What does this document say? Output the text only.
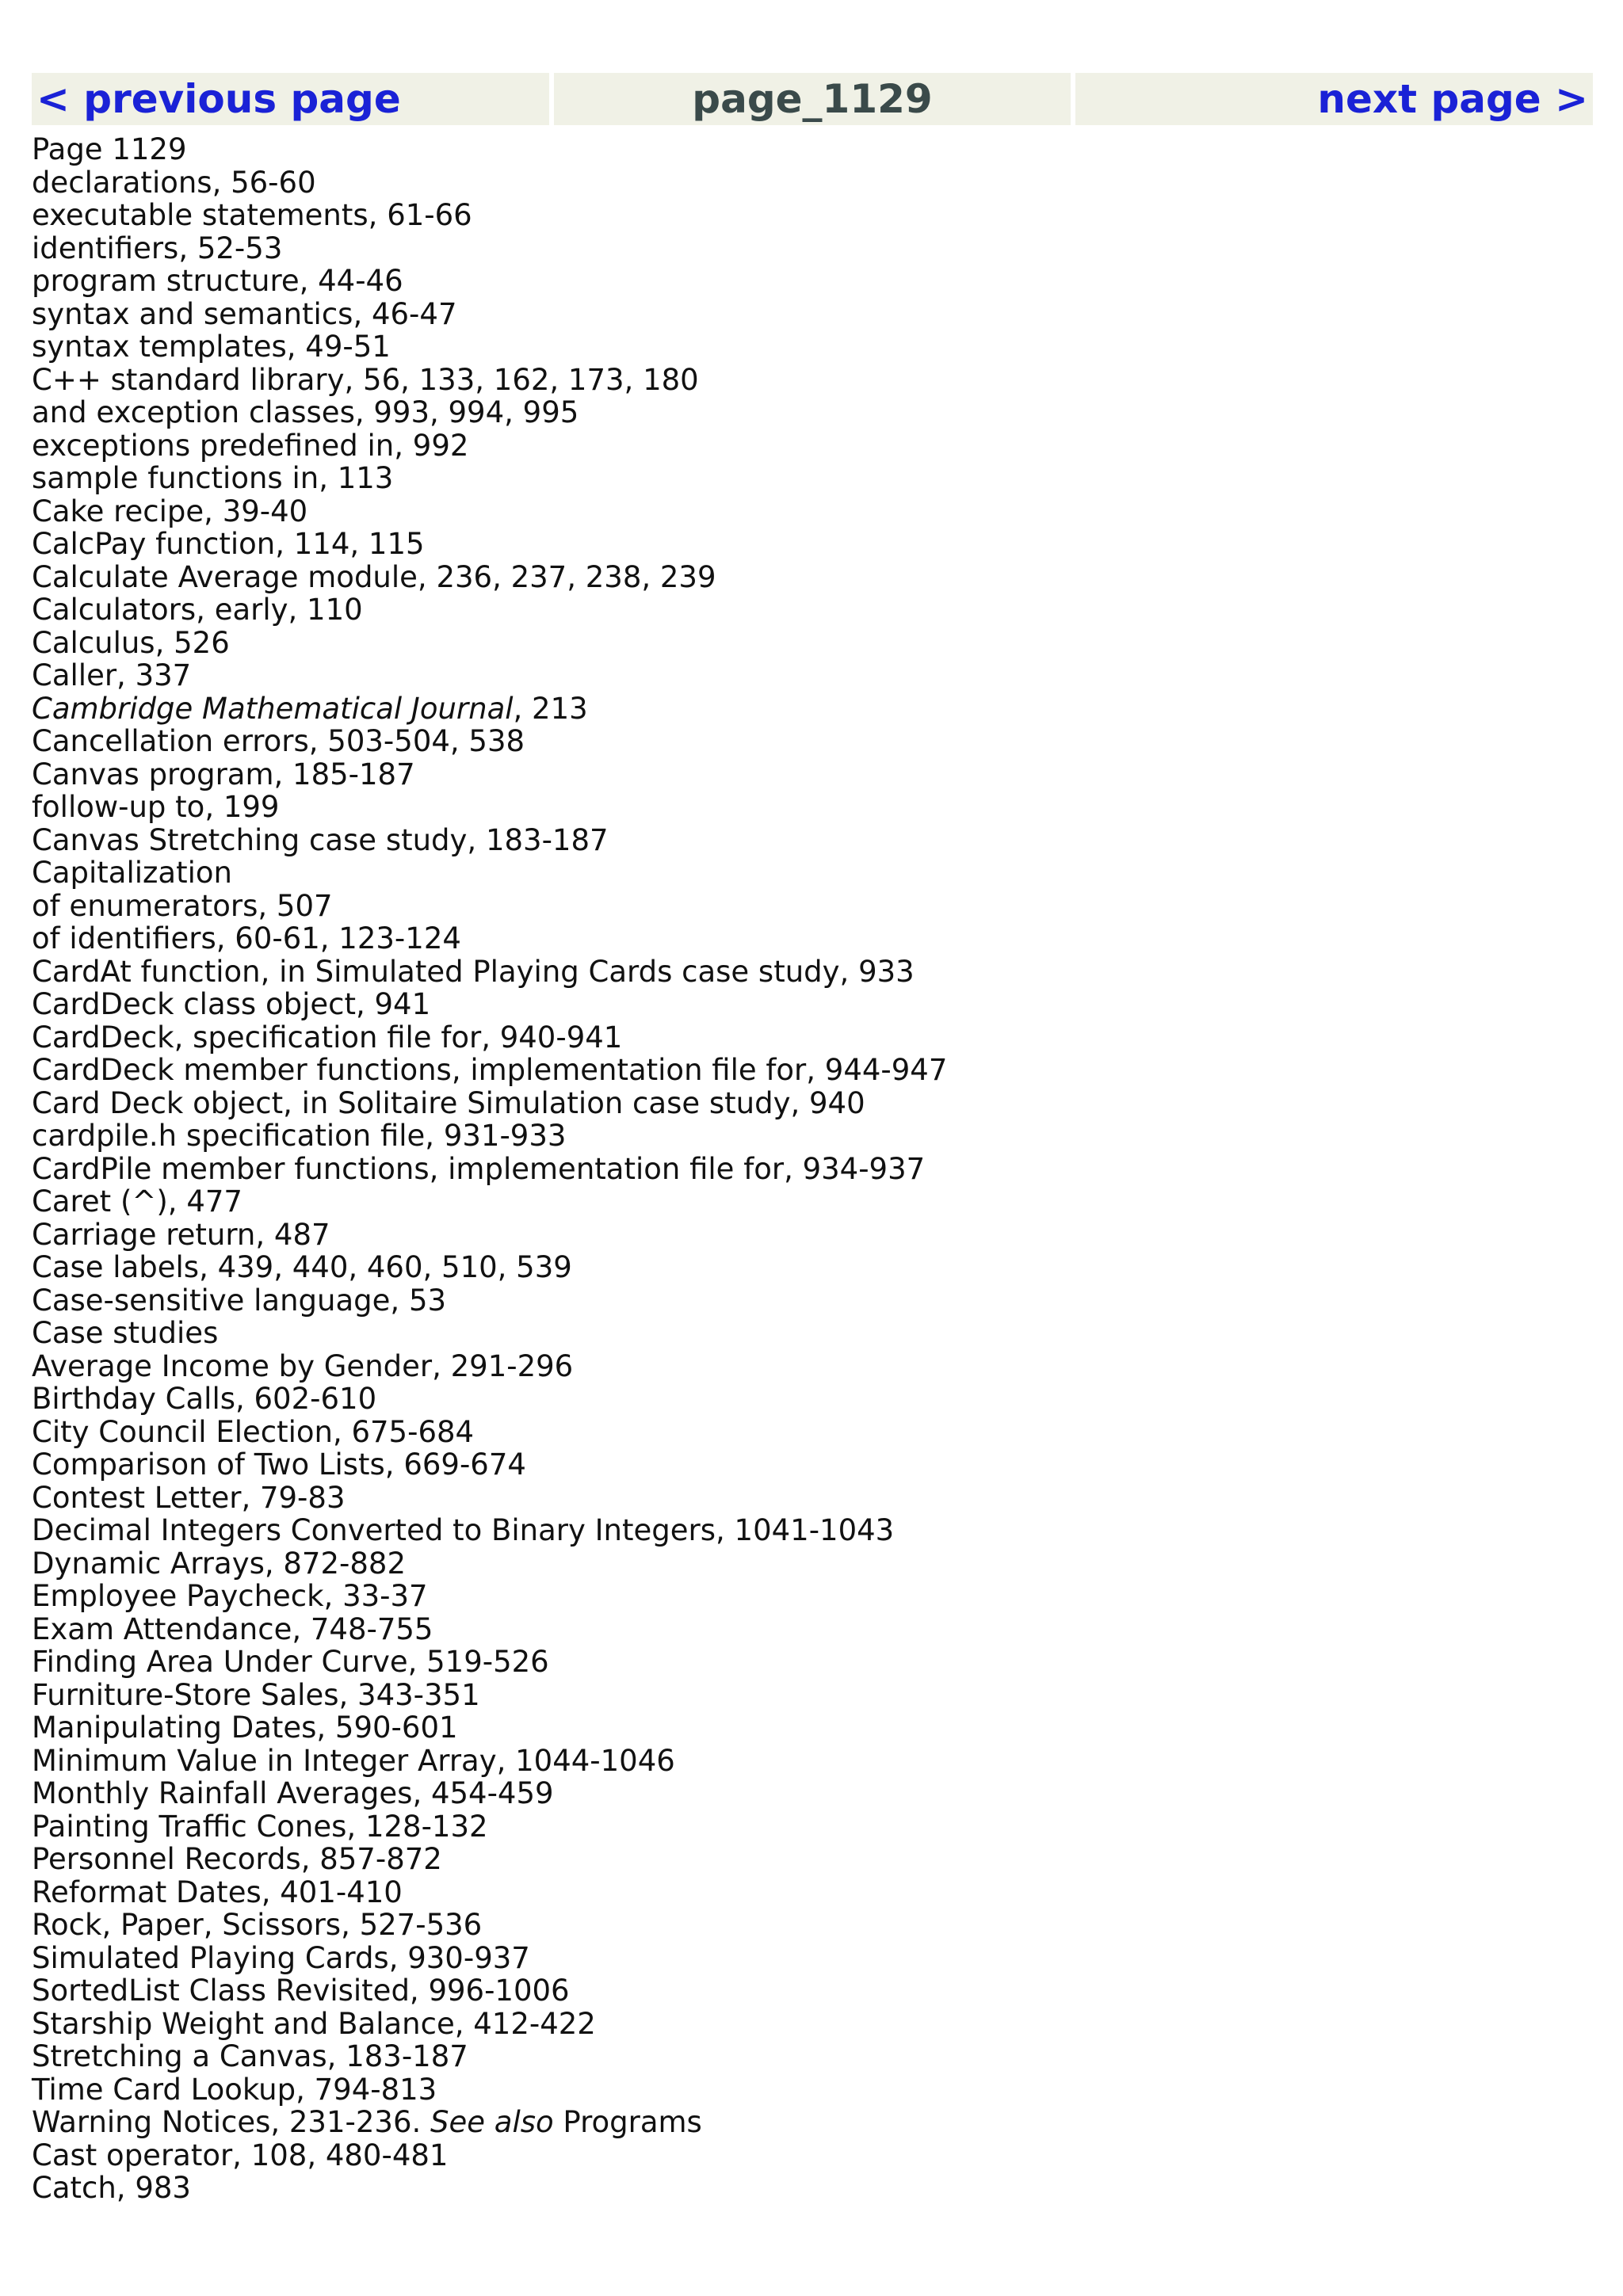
< previous page	page_1129	next page >
Page 1129
declarations, 56-60
executable statements, 61-66
identifiers, 52-53
program structure, 44-46
syntax and semantics, 46-47
syntax templates, 49-51
C++ standard library, 56, 133, 162, 173, 180
and exception classes, 993, 994, 995
exceptions predefined in, 992
sample functions in, 113
Cake recipe, 39-40
CalcPay function, 114, 115
Calculate Average module, 236, 237, 238, 239
Calculators, early, 110
Calculus, 526
Caller, 337
Cambridge Mathematical Journal, 213
Cancellation errors, 503-504, 538
Canvas program, 185-187
follow-up to, 199
Canvas Stretching case study, 183-187
Capitalization
of enumerators, 507
of identifiers, 60-61, 123-124
CardAt function, in Simulated Playing Cards case study, 933
CardDeck class object, 941
CardDeck, specification file for, 940-941
CardDeck member functions, implementation file for, 944-947
Card Deck object, in Solitaire Simulation case study, 940
cardpile.h specification file, 931-933
CardPile member functions, implementation file for, 934-937
Caret (^), 477
Carriage return, 487
Case labels, 439, 440, 460, 510, 539
Case-sensitive language, 53
Case studies
Average Income by Gender, 291-296
Birthday Calls, 602-610
City Council Election, 675-684
Comparison of Two Lists, 669-674
Contest Letter, 79-83
Decimal Integers Converted to Binary Integers, 1041-1043
Dynamic Arrays, 872-882
Employee Paycheck, 33-37
Exam Attendance, 748-755
Finding Area Under Curve, 519-526
Furniture-Store Sales, 343-351
Manipulating Dates, 590-601
Minimum Value in Integer Array, 1044-1046
Monthly Rainfall Averages, 454-459
Painting Traffic Cones, 128-132
Personnel Records, 857-872
Reformat Dates, 401-410
Rock, Paper, Scissors, 527-536
Simulated Playing Cards, 930-937
SortedList Class Revisited, 996-1006
Starship Weight and Balance, 412-422
Stretching a Canvas, 183-187
Time Card Lookup, 794-813
Warning Notices, 231-236. See also Programs
Cast operator, 108, 480-481
Catch, 983
